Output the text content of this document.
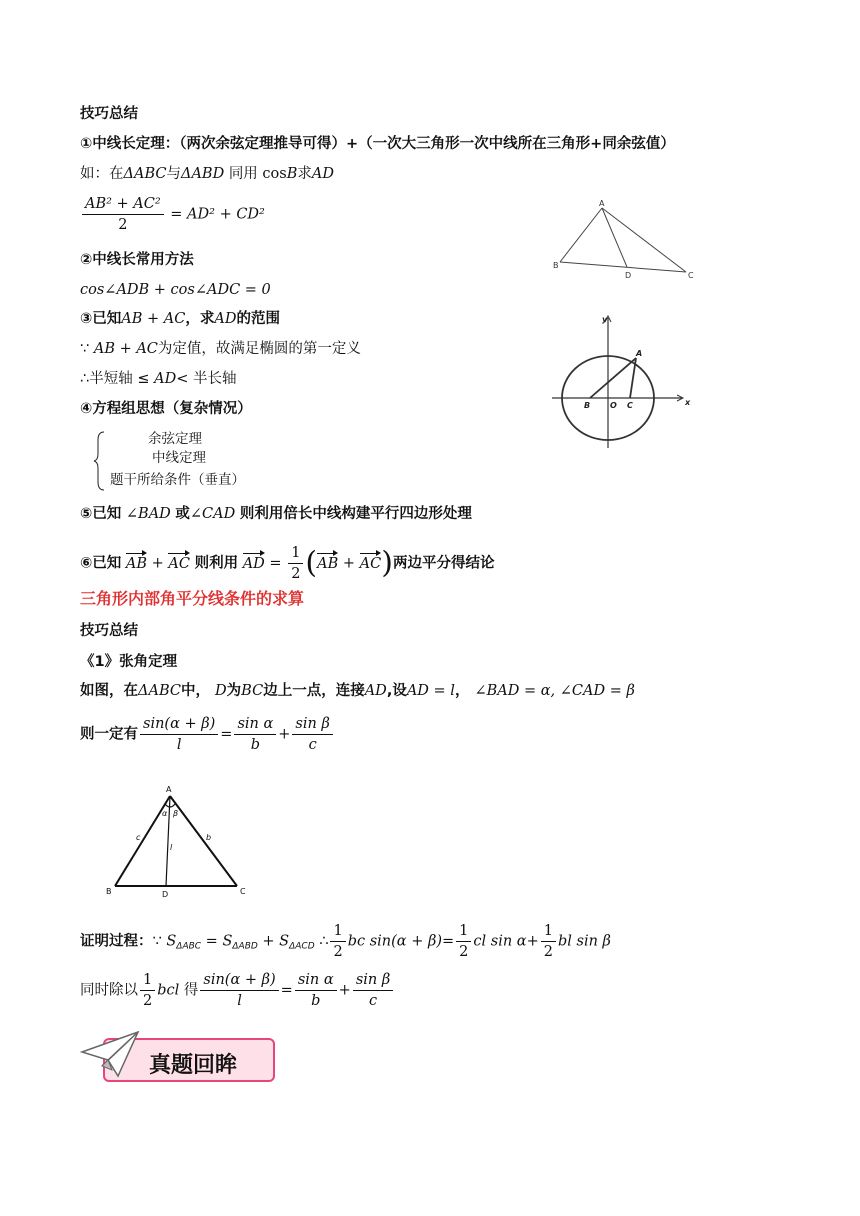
技巧总结
①中线长定理：（两次余弦定理推导可得）+（一次大三角形一次中线所在三角形+同余弦值）
如：在ΔABC与ΔABD 同用 cosB求AD
$\frac{\text{AB² + AC²}}{2} = AD^2 + CD^2$
②中线长常用方法
cos∠ADB + cos∠ADC = 0
③已知AB + AC，求AD的范围
∵ AB + AC为定值，故满足椭圆的第一定义
∴半短轴 ≤ AD< 半长轴
④方程组思想（复杂情况）
余弦定理
中线定理
题干所给条件（垂直）
⑤已知 ∠BAD 或∠CAD 则利用倍长中线构建平行四边形处理
⑥已知 AB + AC 则利用 AD = $\frac{1}{2} (AB + AC)$两边平分得结论
三角形内部角平分线条件的求算
技巧总结
《1》张角定理
如图，在ΔABC中， D为BC边上一点，连接AD,设AD = l， ∠BAD = α, ∠CAD = β
则一定有 $\frac{\sin(\alpha + \beta)}{l} = \frac{\text{sin α}}{b} + \frac{\text{sin β}}{c}$
证明过程：∵ $S_{\Delta ABC} = S_{\Delta ABD} + S_{\Delta ACD}$ ∴ $\frac{1}{2}$ bc $\sin(\alpha + \beta)= \frac{1}{2}$ cl $\sin \alpha+ \frac{1}{2}$ bl sin β
同时除以 $\frac{1}{2}$ bcl 得 $\frac{\sin(\alpha + \beta)}{l} = \frac{\text{sin α}}{b} + \frac{\text{sin β}}{c}$
A
B
D	C
y
x
A
B O C
A
B	D	C
α β
c	b
l
真题回眸
